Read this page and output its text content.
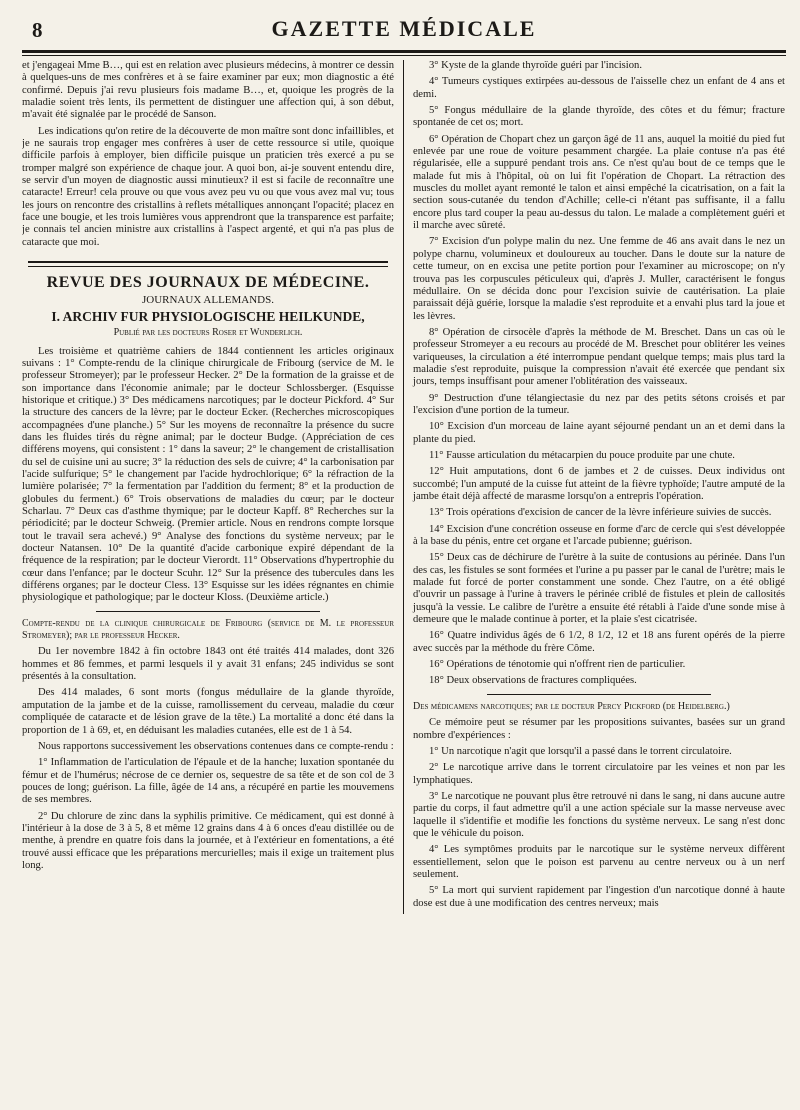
8	GAZETTE MÉDICALE

et j'engageai Mme B…, qui est en relation avec plusieurs médecins, à montrer ce dessin à quelques-uns de mes confrères et à se faire examiner par eux; mon diagnostic a été confirmé. Depuis j'ai revu plusieurs fois madame B…, et, quoique les progrès de la maladie soient très lents, ils permettent de distinguer une affection qui, à son début, m'avait été signalée par le procédé de Sanson.

Les indications qu'on retire de la découverte de mon maître sont donc infaillibles, et je ne saurais trop engager mes confrères à user de cette ressource si utile, quoique difficile parfois à employer, bien difficile puisque un praticien très exercé a pu se tromper malgré son expérience de chaque jour. A quoi bon, ai-je souvent entendu dire, se servir d'un moyen de diagnostic aussi minutieux? il est si facile de reconnaître une cataracte! Erreur! cela prouve ou que vous avez peu vu ou que vous avez mal vu; tous les jours on rencontre des cristallins à reflets métalliques annonçant l'opacité; placez en face une bougie, et les trois lumières vous apprendront que la transparence est parfaite; je connais tel ancien ministre aux cristallins à l'aspect argenté, et qui n'a pas plus de cataracte que moi.

REVUE DES JOURNAUX DE MÉDECINE.
JOURNAUX ALLEMANDS.
I. ARCHIV FUR PHYSIOLOGISCHE HEILKUNDE,
Publié par les docteurs Roser et Wunderlich.

Les troisième et quatrième cahiers de 1844 contiennent les articles originaux suivans : 1° Compte-rendu de la clinique chirurgicale de Fribourg (service de M. le professeur Stromeyer); par le professeur Hecker. 2° De la formation de la graisse et de son importance dans l'économie animale; par le docteur Schlossberger. (Esquisse historique et critique.) 3° Des médicamens narcotiques; par le docteur Pickford. 4° Sur la structure des cancers de la lèvre; par le docteur Ecker. (Recherches microscopiques accompagnées d'une planche.) 5° Sur les moyens de reconnaître la présence du sucre dans les fluides tirés du règne animal; par le docteur Budge. (Appréciation de ces différens moyens, qui consistent : 1° dans la saveur; 2° le changement de cristallisation du sel de cuisine uni au sucre; 3° la réduction des sels de cuivre; 4° la carbonisation par l'acide sulfurique; 5° le changement par l'acide hydrochlorique; 6° la réfraction de la lumière polarisée; 7° la fermentation par l'addition du ferment; 8° et la production de globules du ferment.) 6° Trois observations de maladies du cœur; par le docteur Scharlau. 7° Deux cas d'asthme thymique; par le docteur Kapff. 8° Recherches sur la périodicité; par le docteur Schweig. (Premier article. Nous en rendrons compte lorsque tout le travail sera achevé.) 9° Analyse des fonctions du système nerveux; par le docteur Natansen. 10° De la quantité d'acide carbonique expiré dépendant de la fréquence de la respiration; par le docteur Vierordt. 11° Observations d'hypertrophie du cœur dans l'enfance; par le docteur Scuhr. 12° Sur la présence des tubercules dans les différens organes; par le docteur Cless. 13° Esquisse sur les idées régnantes en chimie physiologique et pathologique; par le docteur Kloss. (Deuxième article.)

Compte-rendu de la clinique chirurgicale de Fribourg (service de M. le professeur Stromeyer); par le professeur Hecker.

Du 1er novembre 1842 à fin octobre 1843 ont été traités 414 malades, dont 326 hommes et 86 femmes, et parmi lesquels il y avait 31 enfans; 245 individus se sont présentés à la consultation.

Des 414 malades, 6 sont morts (fongus médullaire de la glande thyroïde, amputation de la jambe et de la cuisse, ramollissement du cerveau, maladie du cœur compliquée de cataracte et de lésion grave de la tête.) La mortalité a donc été dans la proportion de 1 à 69, et, en déduisant les maladies cutanées, elle est de 1 à 54.

Nous rapportons successivement les observations contenues dans ce compte-rendu :

1° Inflammation de l'articulation de l'épaule et de la hanche; luxation spontanée du fémur et de l'humérus; nécrose de ce dernier os, sequestre de sa tête et de son col de 3 pouces de long; guérison. La fille, âgée de 14 ans, a récupéré en partie les mouvemens de ses membres.

2° Du chlorure de zinc dans la syphilis primitive. Ce médicament, qui est donné à l'intérieur à la dose de 3 à 5, 8 et même 12 grains dans 4 à 6 onces d'eau distillée ou de menthe, à prendre en quatre fois dans la journée, et à l'extérieur en fomentations, a été trouvé aussi efficace que les préparations mercurielles; mais il exige un traitement plus long.

3° Kyste de la glande thyroïde guéri par l'incision.

4° Tumeurs cystiques extirpées au-dessous de l'aisselle chez un enfant de 4 ans et demi.

5° Fongus médullaire de la glande thyroïde, des côtes et du fémur; fracture spontanée de cet os; mort.

6° Opération de Chopart chez un garçon âgé de 11 ans, auquel la moitié du pied fut enlevée par une roue de voiture pesamment chargée. La plaie contuse n'a pas été régularisée, elle a suppuré pendant trois ans. Ce n'est qu'au bout de ce temps que le malade fut mis à l'hôpital, où on lui fit l'opération de Chopart. La rétraction des muscles du mollet ayant remonté le talon et ainsi empêché la cicatrisation, on a fait la section sous-cutanée du tendon d'Achille; celle-ci n'étant pas suffisante, il a fallu encore plus tard couper la peau au-dessus du talon. Le malade a complètement guéri et il marche avec sûreté.

7° Excision d'un polype malin du nez. Une femme de 46 ans avait dans le nez un polype charnu, volumineux et douloureux au toucher. Dans le doute sur la nature de cette tumeur, on en excisa une petite portion pour l'examiner au microscope; on n'y trouva pas les corpuscules péticuleux qui, d'après J. Muller, caractérisent le fongus médullaire. On se décida donc pour l'excision suivie de cautérisation. La plaie paraissait déjà guérie, lorsque la maladie s'est reproduite et a envahi plus tard la joue et les lèvres.

8° Opération de cirsocèle d'après la méthode de M. Breschet. Dans un cas où le professeur Stromeyer a eu recours au procédé de M. Breschet pour oblitérer les veines variqueuses, la circulation a été interrompue pendant quelque temps; mais plus tard la maladie s'est reproduite, puisque la compression n'avait été exercée que pendant six jours, temps insuffisant pour amener l'oblitération des vaisseaux.

9° Destruction d'une télangiectasie du nez par des petits sétons croisés et par l'excision d'une portion de la tumeur.

10° Excision d'un morceau de laine ayant séjourné pendant un an et demi dans la plante du pied.

11° Fausse articulation du métacarpien du pouce produite par une chute.

12° Huit amputations, dont 6 de jambes et 2 de cuisses. Deux individus ont succombé; l'un amputé de la cuisse fut atteint de la fièvre typhoïde; l'autre amputé de la jambe était déjà affecté de marasme lorsqu'on a entrepris l'opération.

13° Trois opérations d'excision de cancer de la lèvre inférieure suivies de succès.

14° Excision d'une concrétion osseuse en forme d'arc de cercle qui s'est développée à la base du pénis, entre cet organe et l'arcade pubienne; guérison.

15° Deux cas de déchirure de l'urètre à la suite de contusions au périnée. Dans l'un des cas, les fistules se sont formées et l'urine a pu passer par le canal de l'urètre; mais le malade fut forcé de porter constamment une sonde. Chez l'autre, on a été obligé d'ouvrir un passage à l'urine à travers le périnée criblé de fistules et plein de callosités jusqu'à la vessie. Le calibre de l'urètre a ensuite été rétabli à l'aide d'une sonde mise à demeure que le malade continue à porter, et la plaie s'est cicatrisée.

16° Quatre individus âgés de 6 1/2, 8 1/2, 12 et 18 ans furent opérés de la pierre avec succès par la méthode du frère Côme.

16° Opérations de ténotomie qui n'offrent rien de particulier.

18° Deux observations de fractures compliquées.

Des médicamens narcotiques; par le docteur Percy Pickford (de Heidelberg.)

Ce mémoire peut se résumer par les propositions suivantes, basées sur un grand nombre d'expériences :

1° Un narcotique n'agit que lorsqu'il a passé dans le torrent circulatoire.

2° Le narcotique arrive dans le torrent circulatoire par les veines et non par les lymphatiques.

3° Le narcotique ne pouvant plus être retrouvé ni dans le sang, ni dans aucune autre partie du corps, il faut admettre qu'il a une action spéciale sur la masse nerveuse avec laquelle il s'identifie et modifie les fonctions du système nerveux. Le sang n'est donc que le véhicule du poison.

4° Les symptômes produits par le narcotique sur le système nerveux diffèrent essentiellement, selon que le poison est parvenu au centre nerveux ou à un nerf seulement.

5° La mort qui survient rapidement par l'ingestion d'un narcotique donné à haute dose est due à une modification des centres nerveux; mais
